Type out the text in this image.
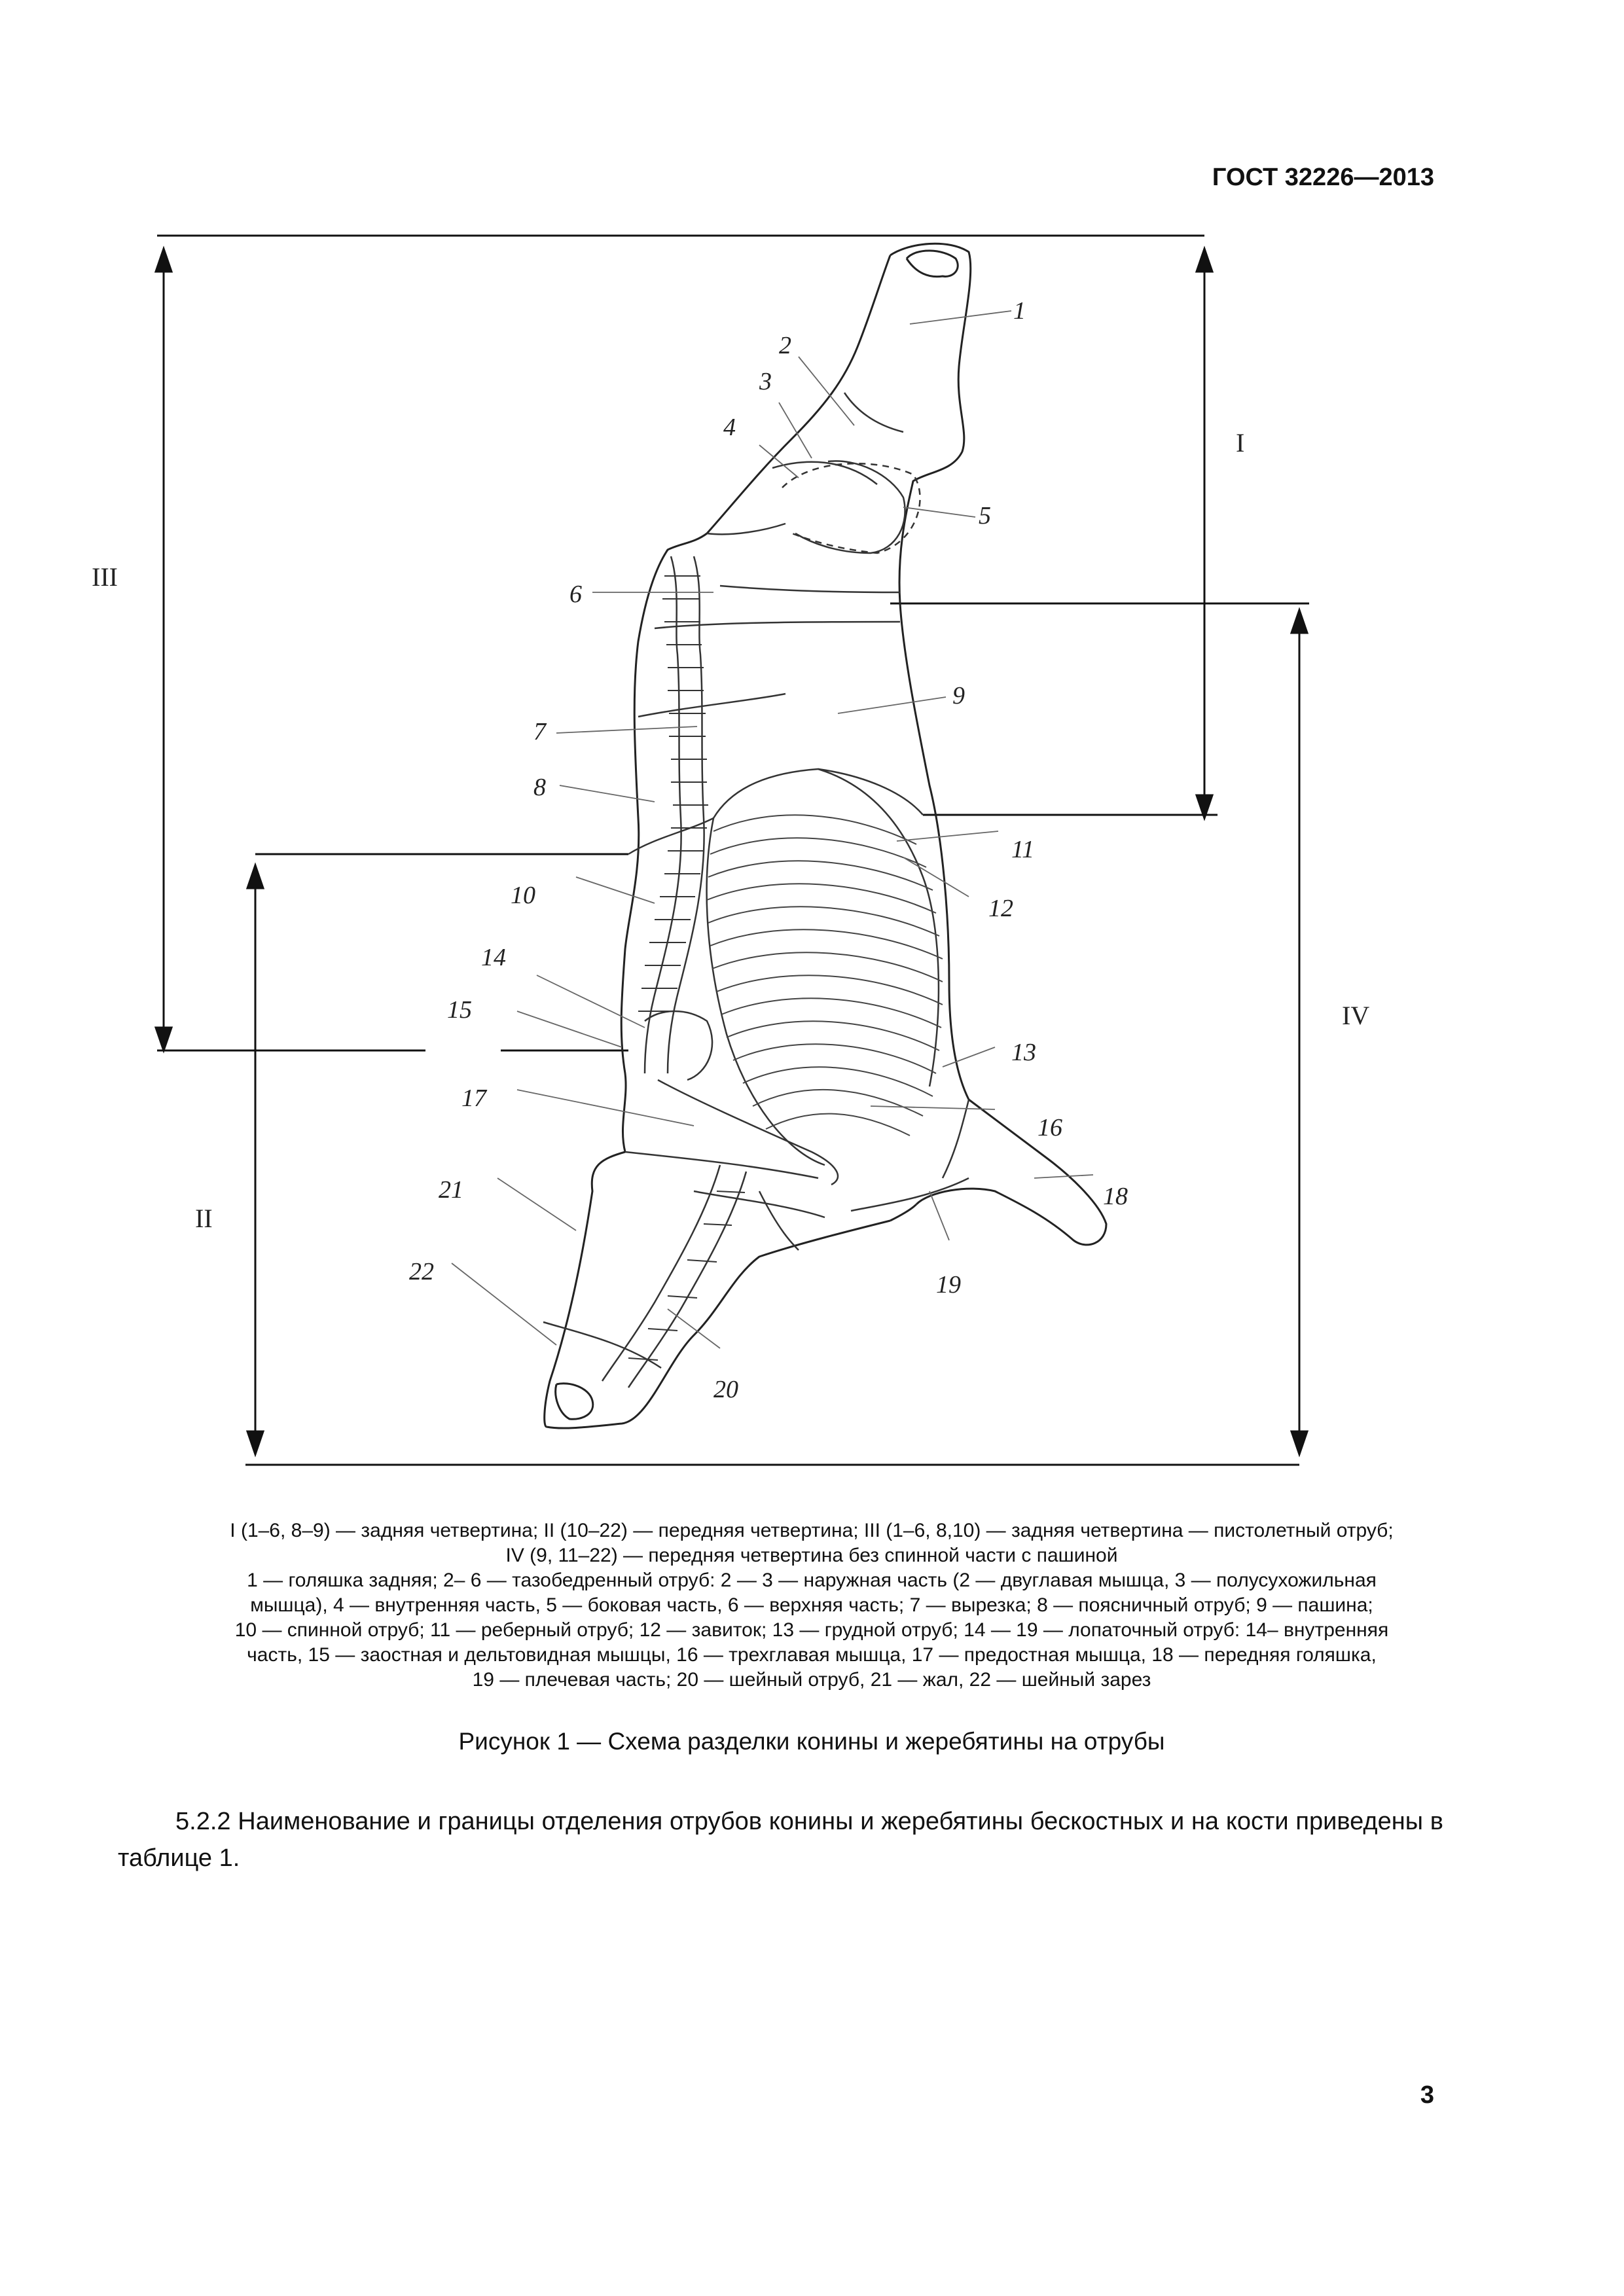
ГОСТ 32226—2013
III
I
IV
II
1
2
3
4
5
6
9
7
8
11
10	12
14
15
13
17
16
21	18
19
22
20

I (1–6, 8–9) — задняя четвертина; II (10–22) — передняя четвертина; III (1–6, 8,10) — задняя четвертина — пистолетный отруб;

IV (9, 11–22) — передняя четвертина без спинной части с пашиной

1 — голяшка задняя; 2– 6 — тазобедренный отруб: 2 — 3 — наружная часть (2 — двуглавая мышца, 3 — полусухожильная

мышца), 4 — внутренняя часть, 5 — боковая часть, 6 — верхняя часть; 7 — вырезка; 8 — поясничный отруб; 9 — пашина;

10 — спинной отруб; 11 — реберный отруб; 12 — завиток; 13 — грудной отруб; 14 — 19 — лопаточный отруб: 14– внутренняя

часть, 15 — заостная и дельтовидная мышцы, 16 — трехглавая мышца, 17 — предостная мышца, 18 — передняя голяшка,

19 — плечевая часть; 20 — шейный отруб, 21 — жал, 22 — шейный зарез

Рисунок 1 — Схема разделки конины и жеребятины на отрубы
5.2.2 Наименование и границы отделения отрубов конины и жеребятины бескостных и на кости приведены в таблице 1.
3
